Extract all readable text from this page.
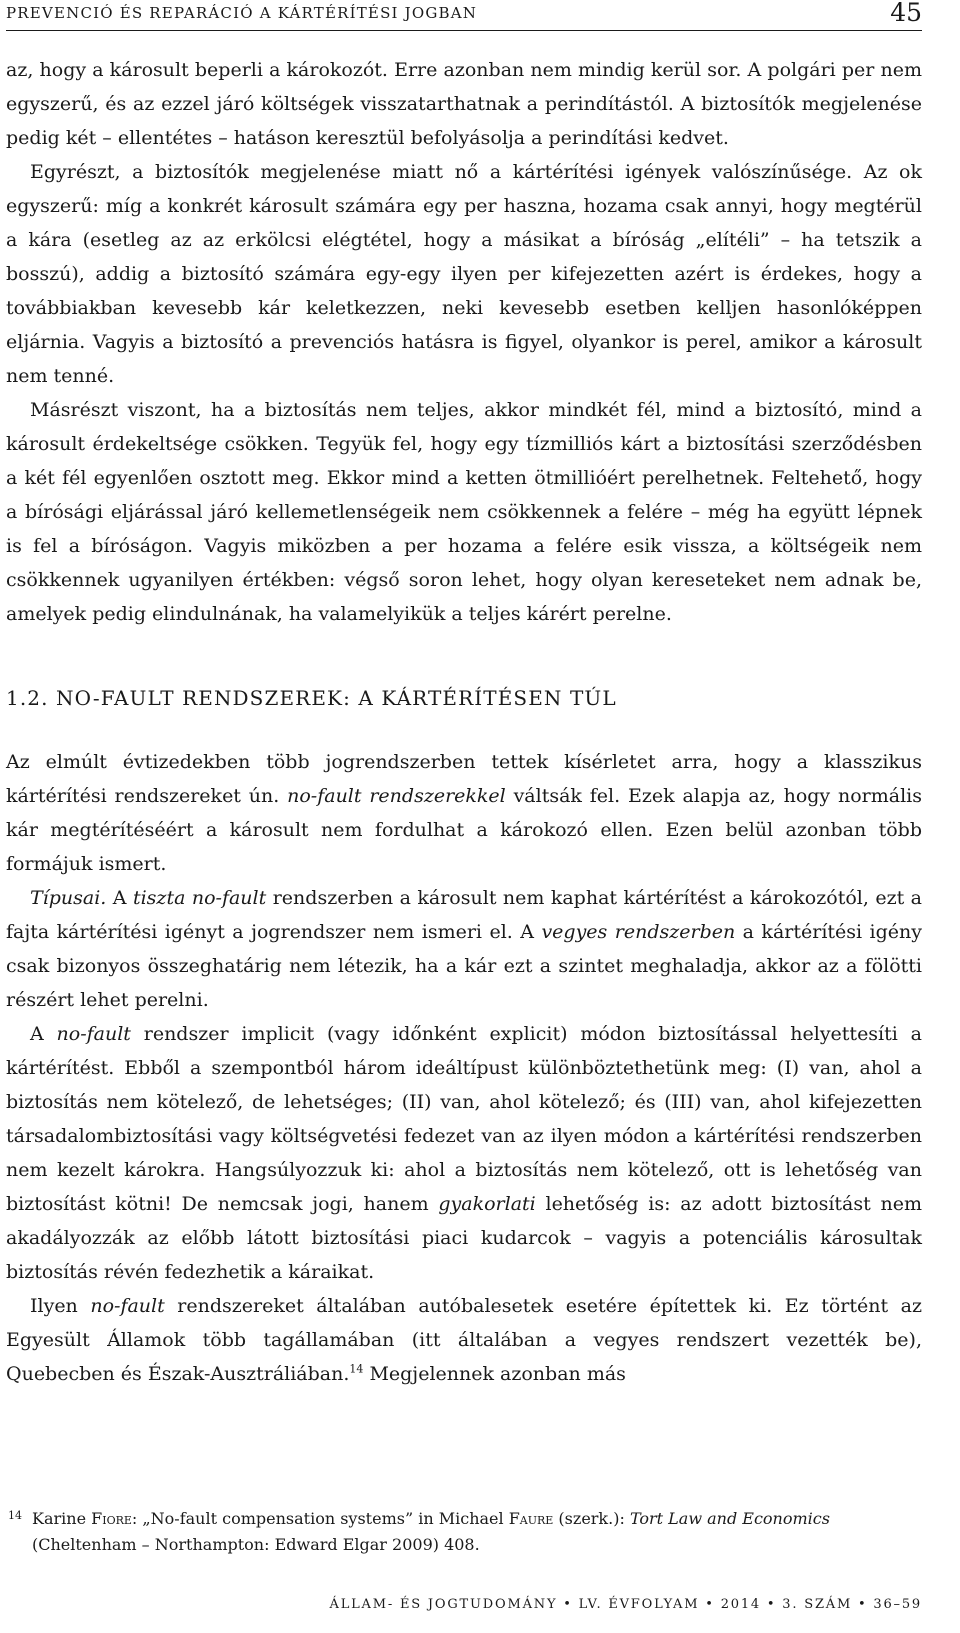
PREVENCIÓ ÉS REPARÁCIÓ A KÁRTÉRÍTÉSI JOGBAN	45

az, hogy a károsult beperli a károkozót. Erre azonban nem mindig kerül sor. A polgári per nem egyszerű, és az ezzel járó költségek visszatarthatnak a perindítástól. A biztosítók megjelenése pedig két – ellentétes – hatáson keresztül befolyásolja a perindítási kedvet.

Egyrészt, a biztosítók megjelenése miatt nő a kártérítési igények valószínűsége. Az ok egyszerű: míg a konkrét károsult számára egy per haszna, hozama csak annyi, hogy megtérül a kára (esetleg az az erkölcsi elégtétel, hogy a másikat a bíróság „elítéli” – ha tetszik a bosszú), addig a biztosító számára egy-egy ilyen per kifejezetten azért is érdekes, hogy a továbbiakban kevesebb kár keletkezzen, neki kevesebb esetben kelljen hasonlóképpen eljárnia. Vagyis a biztosító a prevenciós hatásra is figyel, olyankor is perel, amikor a károsult nem tenné.

Másrészt viszont, ha a biztosítás nem teljes, akkor mindkét fél, mind a biztosító, mind a károsult érdekeltsége csökken. Tegyük fel, hogy egy tízmilliós kárt a biztosítási szerződésben a két fél egyenlően osztott meg. Ekkor mind a ketten ötmillióért perelhetnek. Feltehető, hogy a bírósági eljárással járó kellemetlenségeik nem csökkennek a felére – még ha együtt lépnek is fel a bíróságon. Vagyis miközben a per hozama a felére esik vissza, a költségeik nem csökkennek ugyanilyen értékben: végső soron lehet, hogy olyan kereseteket nem adnak be, amelyek pedig elindulnának, ha valamelyikük a teljes kárért perelne.

1.2. NO-FAULT RENDSZEREK: A KÁRTÉRÍTÉSEN TÚL

Az elmúlt évtizedekben több jogrendszerben tettek kísérletet arra, hogy a klasszikus kártérítési rendszereket ún. no-fault rendszerekkel váltsák fel. Ezek alapja az, hogy normális kár megtérítéséért a károsult nem fordulhat a károkozó ellen. Ezen belül azonban több formájuk ismert.

Típusai. A tiszta no-fault rendszerben a károsult nem kaphat kártérítést a károkozótól, ezt a fajta kártérítési igényt a jogrendszer nem ismeri el. A vegyes rendszerben a kártérítési igény csak bizonyos összeghatárig nem létezik, ha a kár ezt a szintet meghaladja, akkor az a fölötti részért lehet perelni.

A no-fault rendszer implicit (vagy időnként explicit) módon biztosítással helyettesíti a kártérítést. Ebből a szempontból három ideáltípust különböztethetünk meg: (I) van, ahol a biztosítás nem kötelező, de lehetséges; (II) van, ahol kötelező; és (III) van, ahol kifejezetten társadalombiztosítási vagy költségvetési fedezet van az ilyen módon a kártérítési rendszerben nem kezelt károkra. Hangsúlyozzuk ki: ahol a biztosítás nem kötelező, ott is lehetőség van biztosítást kötni! De nemcsak jogi, hanem gyakorlati lehetőség is: az adott biztosítást nem akadályozzák az előbb látott biztosítási piaci kudarcok – vagyis a potenciális károsultak biztosítás révén fedezhetik a káraikat.

Ilyen no-fault rendszereket általában autóbalesetek esetére építettek ki. Ez történt az Egyesült Államok több tagállamában (itt általában a vegyes rendszert vezették be), Quebecben és Észak-Ausztráliában.$^{14}$ Megjelennek azonban más

14 Karine Fiore: „No-fault compensation systems” in Michael Faure (szerk.): Tort Law and Economics (Cheltenham – Northampton: Edward Elgar 2009) 408.
ÁLLAM- ÉS JOGTUDOMÁNY • LV. ÉVFOLYAM • 2014 • 3. SZÁM • 36–59
